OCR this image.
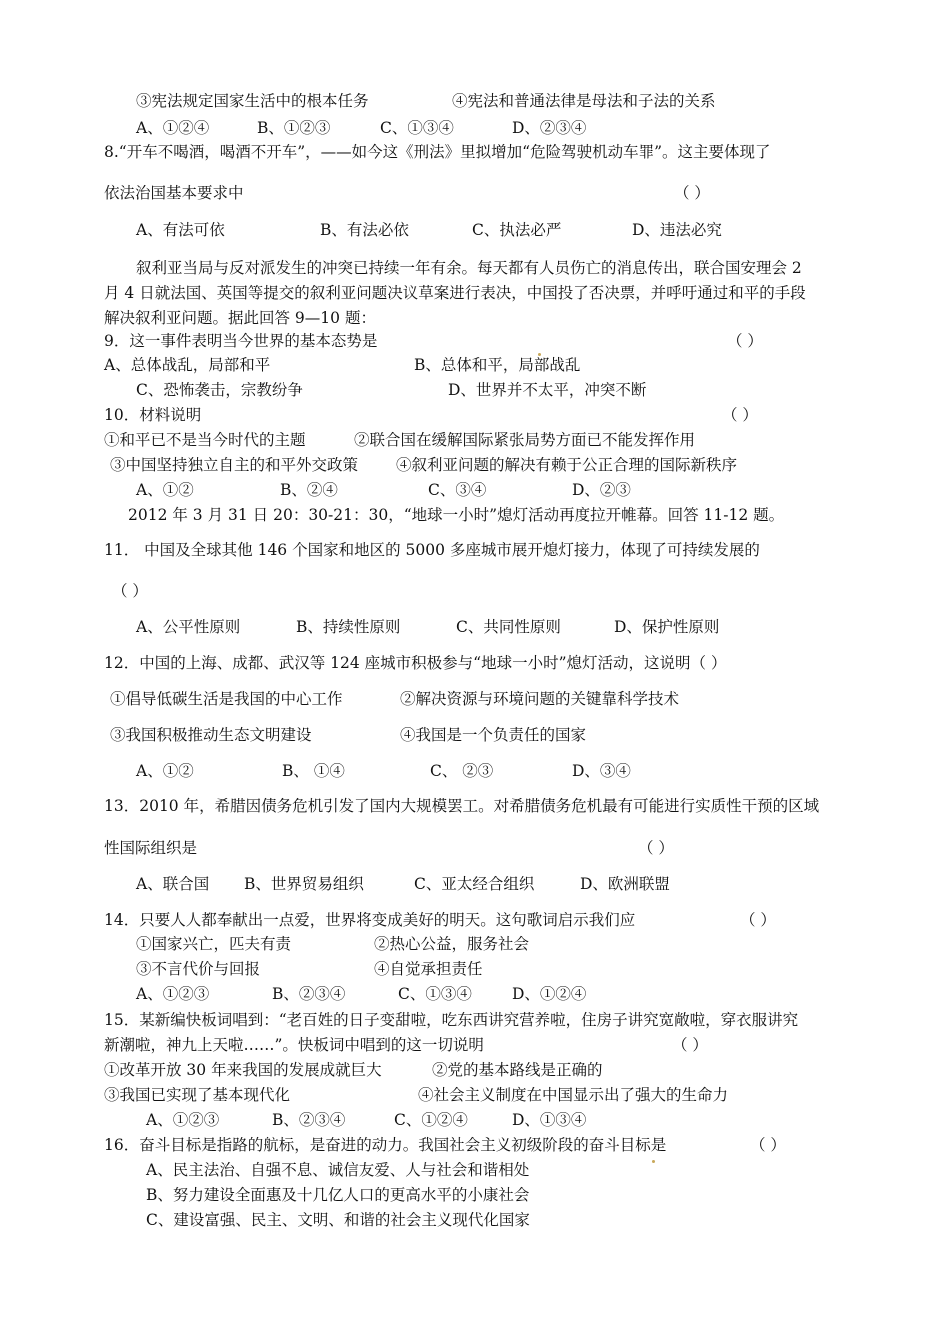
③宪法规定国家生活中的根本任务	④宪法和普通法律是母法和子法的关系
A、①②④	B、①②③	C、①③④	D、②③④
8.“开车不喝酒，喝酒不开车”，——如今这《刑法》里拟增加“危险驾驶机动车罪”。这主要体现了
依法治国基本要求中	（ ）
A、有法可依	B、有法必依	C、执法必严	D、违法必究
叙利亚当局与反对派发生的冲突已持续一年有余。每天都有人员伤亡的消息传出，联合国安理会 2
月 4 日就法国、英国等提交的叙利亚问题决议草案进行表决，中国投了否决票，并呼吁通过和平的手段
解决叙利亚问题。据此回答 9—10 题：
9．这一事件表明当今世界的基本态势是	（ ）
A、总体战乱，局部和平	B、总体和平，局部战乱
C、恐怖袭击，宗教纷争	D、世界并不太平，冲突不断
10．材料说明	（ ）
①和平已不是当今时代的主题	②联合国在缓解国际紧张局势方面已不能发挥作用
③中国坚持独立自主的和平外交政策 ④叙利亚问题的解决有赖于公正合理的国际新秩序
A、①②	B、②④	C、③④	D、②③
2012 年 3 月 31 日 20：30-21：30，“地球一小时”熄灯活动再度拉开帷幕。回答 11-12 题。
11． 中国及全球其他 146 个国家和地区的 5000 多座城市展开熄灯接力，体现了可持续发展的
（ ）
A、公平性原则	B、持续性原则	C、共同性原则	D、保护性原则
12．中国的上海、成都、武汉等 124 座城市积极参与“地球一小时”熄灯活动，这说明（ ）
①倡导低碳生活是我国的中心工作	②解决资源与环境问题的关键靠科学技术
③我国积极推动生态文明建设	④我国是一个负责任的国家
A、①②	B、 ①④	C、 ②③	D、③④
13．2010 年，希腊因债务危机引发了国内大规模罢工。对希腊债务危机最有可能进行实质性干预的区域
性国际组织是	（ ）
A、联合国 B、世界贸易组织	C、亚太经合组织	D、欧洲联盟
14．只要人人都奉献出一点爱，世界将变成美好的明天。这句歌词启示我们应	（ ）
①国家兴亡，匹夫有责	②热心公益，服务社会
③不言代价与回报	④自觉承担责任
A、①②③	B、②③④	C、①③④	D、①②④
15．某新编快板词唱到：“老百姓的日子变甜啦，吃东西讲究营养啦，住房子讲究宽敞啦，穿衣服讲究
新潮啦，神九上天啦……”。快板词中唱到的这一切说明	（ ）
①改革开放 30 年来我国的发展成就巨大	②党的基本路线是正确的
③我国已实现了基本现代化	④社会主义制度在中国显示出了强大的生命力
A、①②③	B、②③④	C、①②④	D、①③④
16．奋斗目标是指路的航标，是奋进的动力。我国社会主义初级阶段的奋斗目标是	（ ）
A、民主法治、自强不息、诚信友爱、人与社会和谐相处
B、努力建设全面惠及十几亿人口的更高水平的小康社会
C、建设富强、民主、文明、和谐的社会主义现代化国家
